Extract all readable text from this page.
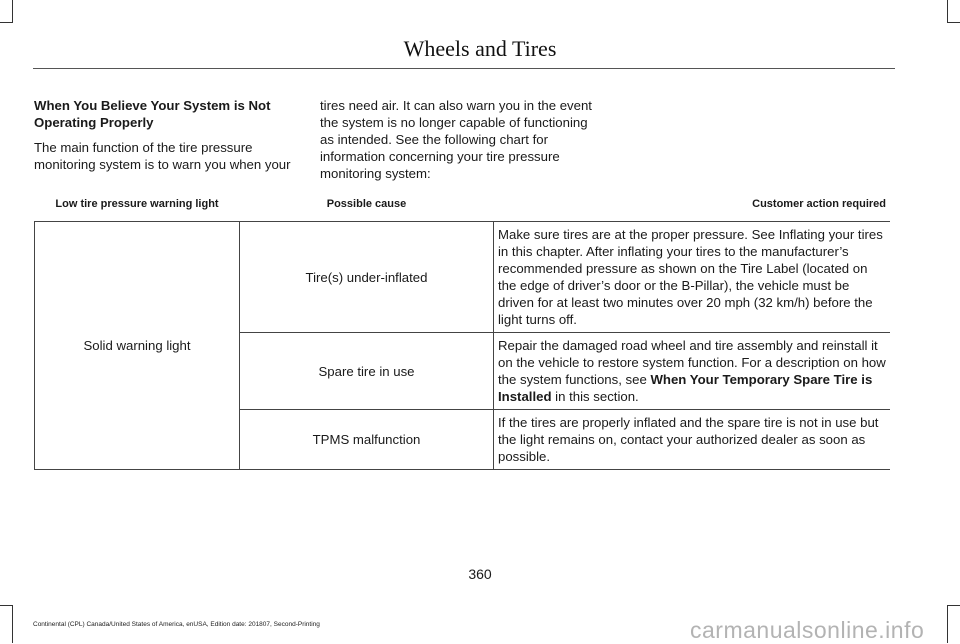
Wheels and Tires

When You Believe Your System is Not Operating Properly

The main function of the tire pressure monitoring system is to warn you when your

tires need air. It can also warn you in the event the system is no longer capable of functioning as intended. See the following chart for information concerning your tire pressure monitoring system:

Low tire pressure warning light	Possible cause	Customer action required
Solid warning light	Tire(s) under-inflated	Make sure tires are at the proper pressure. See Inflating your tires in this chapter. After inflating your tires to the manufacturer’s recommended pressure as shown on the Tire Label (located on the edge of driver’s door or the B-Pillar), the vehicle must be driven for at least two minutes over 20 mph (32 km/h) before the light turns off.
	Spare tire in use	Repair the damaged road wheel and tire assembly and reinstall it on the vehicle to restore system function. For a description on how the system functions, see When Your Temporary Spare Tire is Installed in this section.
	TPMS malfunction	If the tires are properly inflated and the spare tire is not in use but the light remains on, contact your authorized dealer as soon as possible.
360
Continental (CPL) Canada/United States of America, enUSA, Edition date: 201807, Second-Printing	carmanualsonline.info
